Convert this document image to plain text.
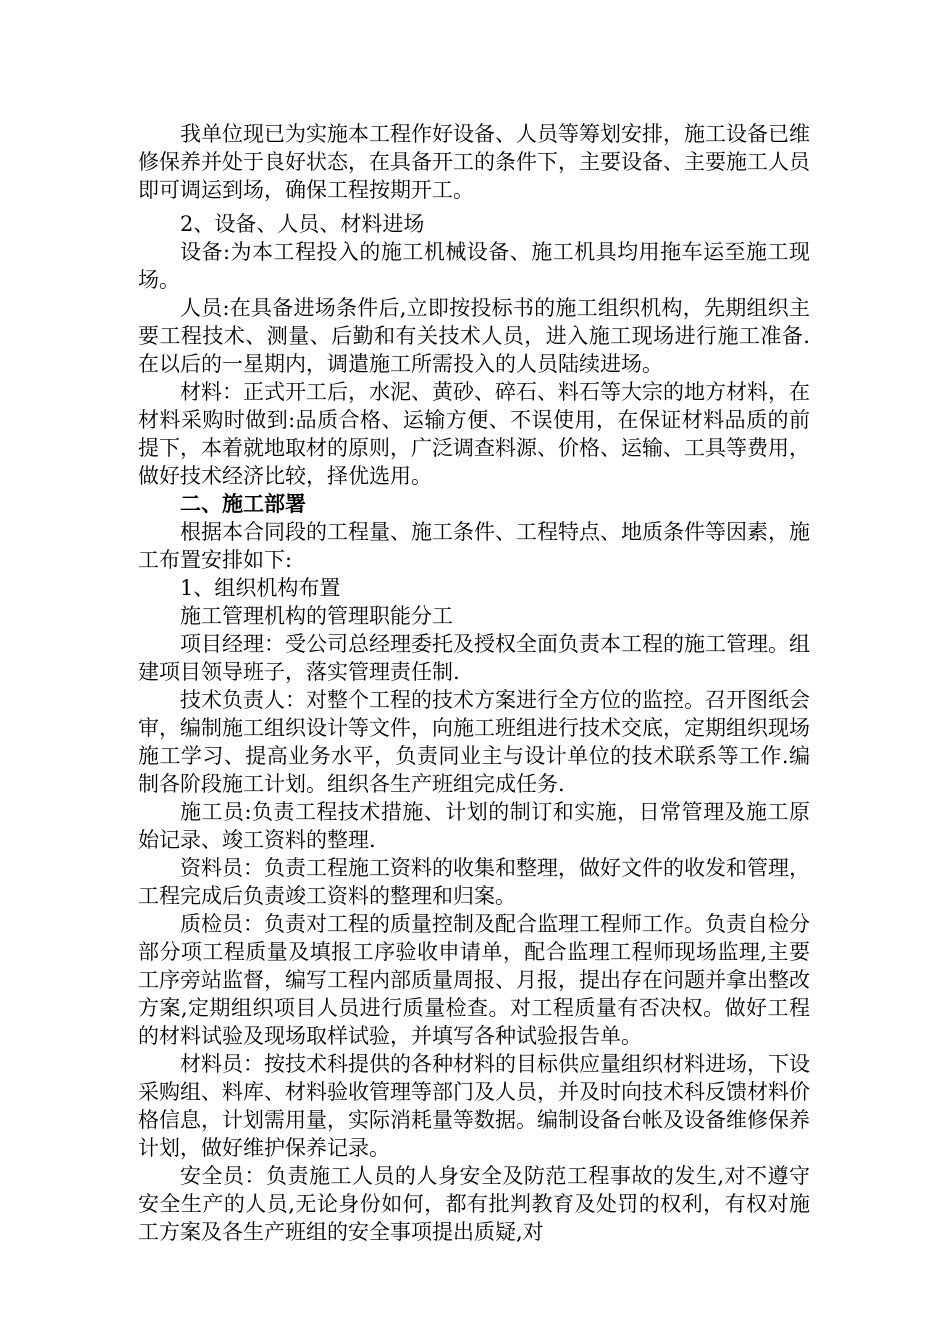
我单位现已为实施本工程作好设备、人员等筹划安排，施工设备已维修保养并处于良好状态，在具备开工的条件下，主要设备、主要施工人员即可调运到场，确保工程按期开工。

2、设备、人员、材料进场

设备:为本工程投入的施工机械设备、施工机具均用拖车运至施工现场。

人员:在具备进场条件后,立即按投标书的施工组织机构，先期组织主要工程技术、测量、后勤和有关技术人员，进入施工现场进行施工准备.在以后的一星期内，调遣施工所需投入的人员陆续进场。

材料：正式开工后，水泥、黄砂、碎石、料石等大宗的地方材料，在材料采购时做到:品质合格、运输方便、不误使用，在保证材料品质的前提下，本着就地取材的原则，广泛调查料源、价格、运输、工具等费用，做好技术经济比较，择优选用。

二、施工部署

根据本合同段的工程量、施工条件、工程特点、地质条件等因素，施工布置安排如下:

1、组织机构布置

施工管理机构的管理职能分工

项目经理：受公司总经理委托及授权全面负责本工程的施工管理。组建项目领导班子，落实管理责任制.

技术负责人：对整个工程的技术方案进行全方位的监控。召开图纸会审，编制施工组织设计等文件，向施工班组进行技术交底，定期组织现场施工学习、提高业务水平，负责同业主与设计单位的技术联系等工作.编制各阶段施工计划。组织各生产班组完成任务.

施工员:负责工程技术措施、计划的制订和实施，日常管理及施工原始记录、竣工资料的整理.

资料员：负责工程施工资料的收集和整理，做好文件的收发和管理，工程完成后负责竣工资料的整理和归案。

质检员：负责对工程的质量控制及配合监理工程师工作。负责自检分部分项工程质量及填报工序验收申请单，配合监理工程师现场监理,主要工序旁站监督，编写工程内部质量周报、月报，提出存在问题并拿出整改方案,定期组织项目人员进行质量检查。对工程质量有否决权。做好工程的材料试验及现场取样试验，并填写各种试验报告单。

材料员：按技术科提供的各种材料的目标供应量组织材料进场，下设采购组、料库、材料验收管理等部门及人员，并及时向技术科反馈材料价格信息，计划需用量，实际消耗量等数据。编制设备台帐及设备维修保养计划，做好维护保养记录。

安全员：负责施工人员的人身安全及防范工程事故的发生,对不遵守安全生产的人员,无论身份如何，都有批判教育及处罚的权利，有权对施工方案及各生产班组的安全事项提出质疑,对
